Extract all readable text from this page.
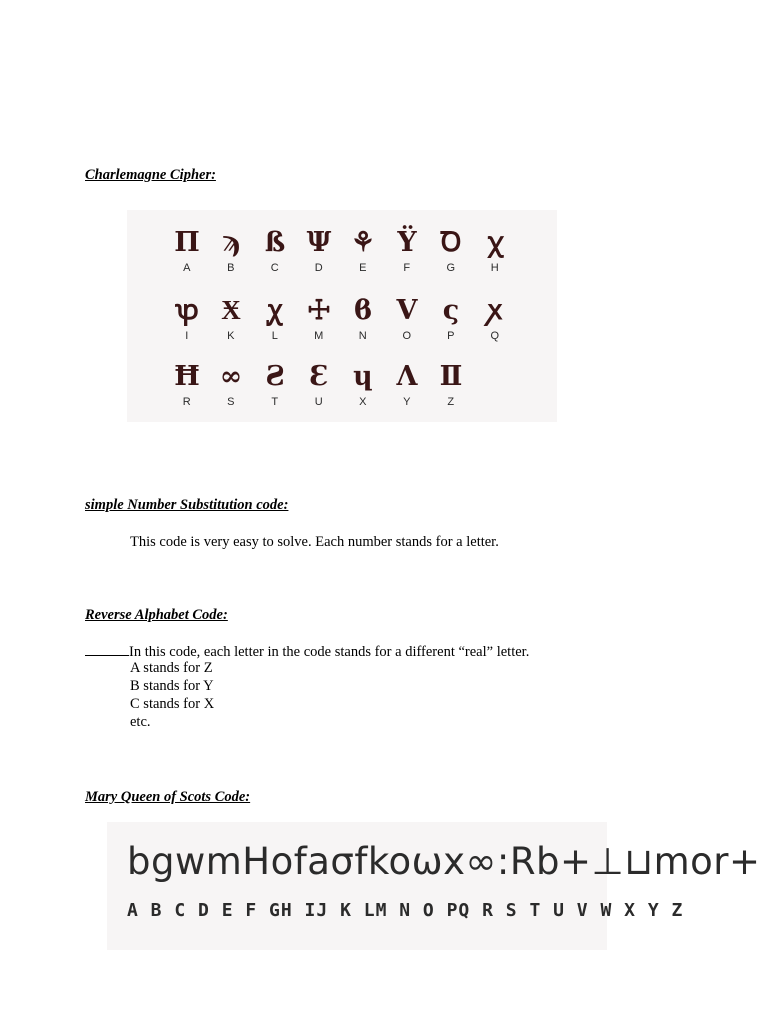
Charlemagne Cipher:
Π
A
ϡ
B
ß
C
Ψ
D
⚘
E
Ϋ
F
Ꝺ
G
ꭓ
H
ꝕ
I
Ӿ
K
ꭕ
L
☩
M
ϐ
N
V
O
ς
P
ꭗ
Q
Ħ
R
∞
S
Ƨ
T
Ɛ
U
ɥ
X
Ʌ
Y
Ⅱ
Z
simple Number Substitution code:
This code is very easy to solve. Each number stands for a letter.
Reverse Alphabet Code:
In this code, each letter in the code stands for a different “real” letter.
A stands for Z
B stands for Y
C stands for X
etc.
Mary Queen of Scots Code:
bgwmHofaσfkoωx∞:Rb+⊥⊔mor+
A B C D E F GH IJ K LM N O PQ R S T U V W X Y Z
